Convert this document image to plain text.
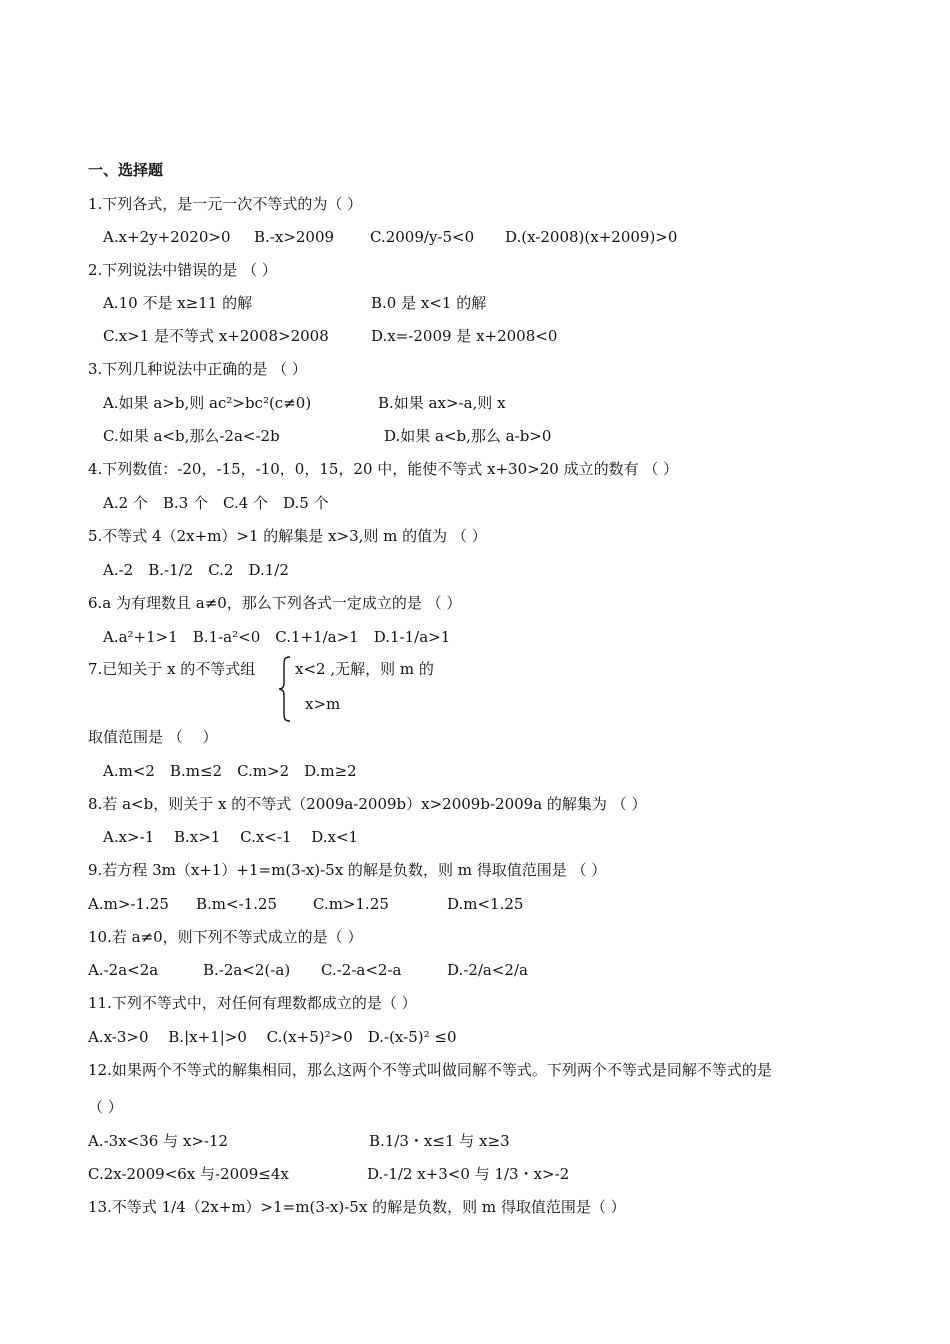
一、选择题
1.下列各式，是一元一次不等式的为（ ）
A.x+2y+2020>0 B.-x>2009 C.2009/y-5<0 D.(x-2008)(x+2009)>0
2.下列说法中错误的是 （ ）
A.10 不是 x≥11 的解	B.0 是 x<1 的解
C.x>1 是不等式 x+2008>2008	D.x=-2009 是 x+2008<0
3.下列几种说法中正确的是 （ ）
A.如果 a>b,则 ac²>bc²(c≠0)	B.如果 ax>-a,则 x
C.如果 a<b,那么-2a<-2b	D.如果 a<b,那么 a-b>0
4.下列数值：-20，-15，-10，0，15，20 中，能使不等式 x+30>20 成立的数有 （ ）
A.2 个　B.3 个　C.4 个　D.5 个
5.不等式 4（2x+m）>1 的解集是 x>3,则 m 的值为 （ ）
A.-2　B.-1/2　C.2　D.1/2
6.a 为有理数且 a≠0，那么下列各式一定成立的是 （ ）
A.a²+1>1　B.1-a²<0　C.1+1/a>1　D.1-1/a>1
7.已知关于 x 的不等式组	x<2 ,无解，则 m 的
x>m
取值范围是 （　 ）
A.m<2　B.m≤2　C.m>2　D.m≥2
8.若 a<b，则关于 x 的不等式（2009a-2009b）x>2009b-2009a 的解集为 （ ）
A.x>-1　 B.x>1　 C.x<-1　 D.x<1
9.若方程 3m（x+1）+1=m(3-x)-5x 的解是负数，则 m 得取值范围是 （ ）
A.m>-1.25 B.m<-1.25 C.m>1.25	D.m<1.25
10.若 a≠0，则下列不等式成立的是（ ）
A.-2a<2a	B.-2a<2(-a) C.-2-a<2-a	D.-2/a<2/a
11.下列不等式中，对任何有理数都成立的是（ ）
A.x-3>0　 B.|x+1|>0　 C.(x+5)²>0　D.-(x-5)² ≤0
12.如果两个不等式的解集相同，那么这两个不等式叫做同解不等式。下列两个不等式是同解不等式的是
（ ）
A.-3x<36 与 x>-12	B.1/3・x≤1 与 x≥3
C.2x-2009<6x 与-2009≤4x	D.-1/2 x+3<0 与 1/3・x>-2
13.不等式 1/4（2x+m）>1=m(3-x)-5x 的解是负数，则 m 得取值范围是（ ）
